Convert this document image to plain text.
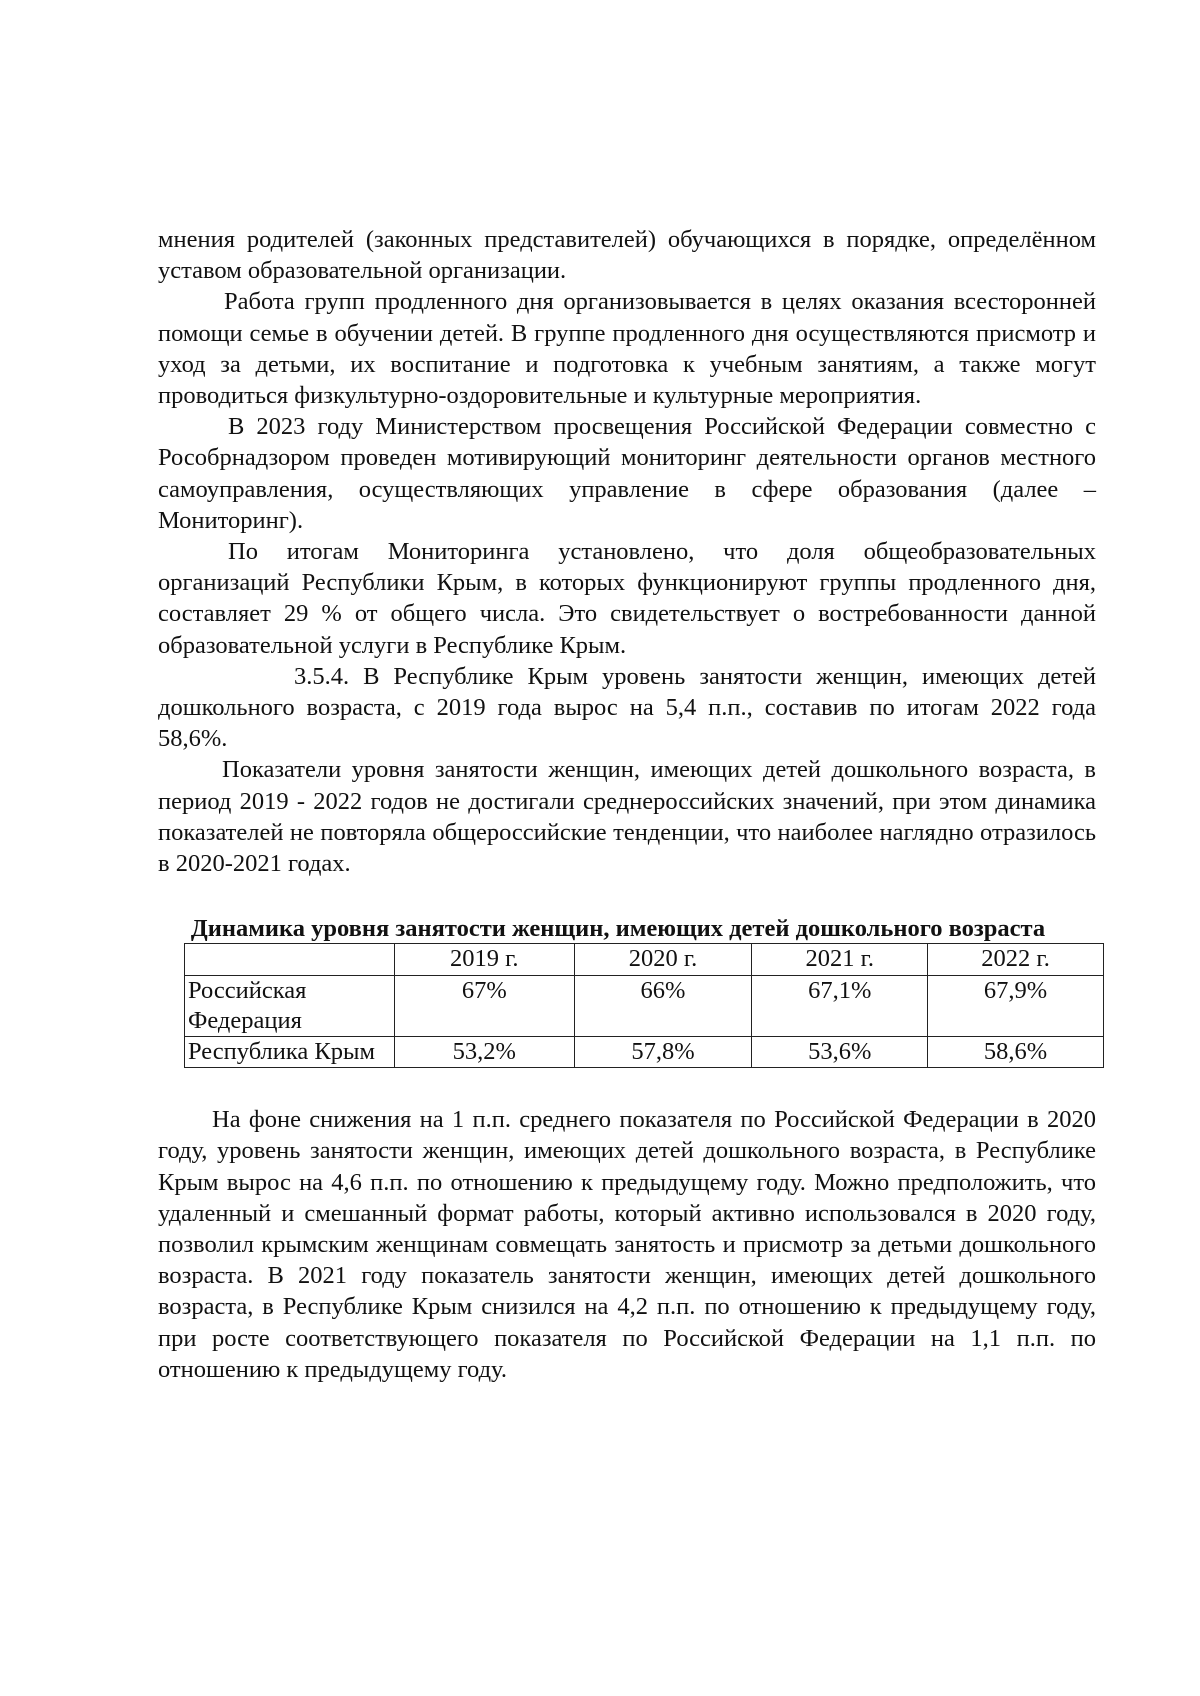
мнения родителей (законных представителей) обучающихся в порядке, определённом уставом образовательной организации.

Работа групп продленного дня организовывается в целях оказания всесторонней помощи семье в обучении детей. В группе продленного дня осуществляются присмотр и уход за детьми, их воспитание и подготовка к учебным занятиям, а также могут проводиться физкультурно-оздоровительные и культурные мероприятия.

В 2023 году Министерством просвещения Российской Федерации совместно с Рособрнадзором проведен мотивирующий мониторинг деятельности органов местного самоуправления, осуществляющих управление в сфере образования (далее – Мониторинг).

По итогам Мониторинга установлено, что доля общеобразовательных организаций Республики Крым, в которых функционируют группы продленного дня, составляет 29 % от общего числа. Это свидетельствует о востребованности данной образовательной услуги в Республике Крым.

3.5.4. В Республике Крым уровень занятости женщин, имеющих детей дошкольного возраста, с 2019 года вырос на 5,4 п.п., составив по итогам 2022 года 58,6%.

Показатели уровня занятости женщин, имеющих детей дошкольного возраста, в период 2019 - 2022 годов не достигали среднероссийских значений, при этом динамика показателей не повторяла общероссийские тенденции, что наиболее наглядно отразилось в 2020-2021 годах.

Динамика уровня занятости женщин, имеющих детей дошкольного возраста
	2019 г.	2020 г.	2021 г.	2022 г.
Российская Федерация	67%	66%	67,1%	67,9%
Республика Крым	53,2%	57,8%	53,6%	58,6%

На фоне снижения на 1 п.п. среднего показателя по Российской Федерации в 2020 году, уровень занятости женщин, имеющих детей дошкольного возраста, в Республике Крым вырос на 4,6 п.п. по отношению к предыдущему году. Можно предположить, что удаленный и смешанный формат работы, который активно использовался в 2020 году, позволил крымским женщинам совмещать занятость и присмотр за детьми дошкольного возраста. В 2021 году показатель занятости женщин, имеющих детей дошкольного возраста, в Республике Крым снизился на 4,2 п.п. по отношению к предыдущему году, при росте соответствующего показателя по Российской Федерации на 1,1 п.п. по отношению к предыдущему году.
